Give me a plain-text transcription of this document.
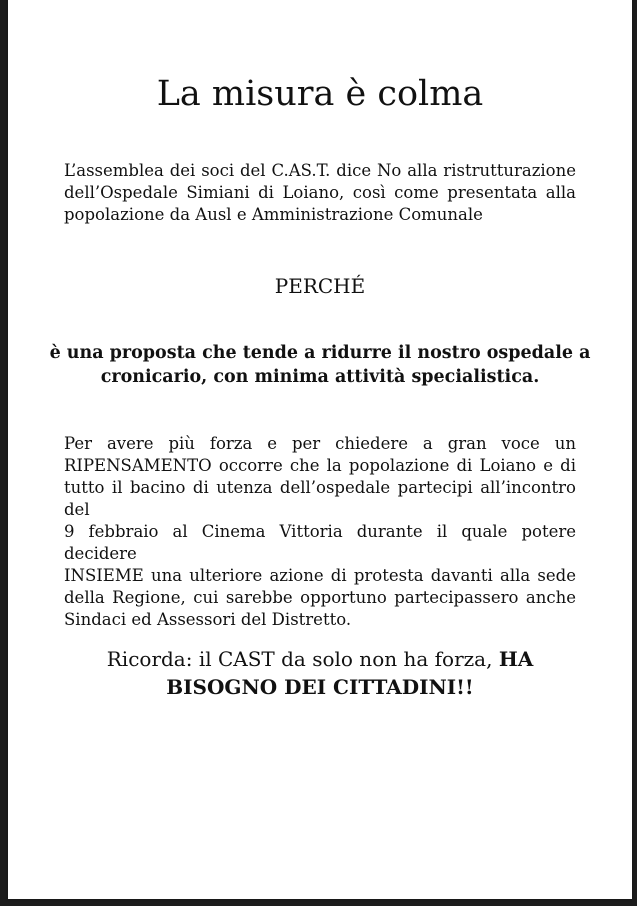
La misura è colma

L’assemblea dei soci del C.AS.T. dice No alla ristrutturazione
dell’Ospedale Simiani di Loiano, così come presentata alla
popolazione da Ausl e Amministrazione Comunale

PERCHÉ

è una proposta che tende a ridurre il nostro ospedale a
cronicario, con minima attività specialistica.

Per avere più forza e per chiedere a gran voce un
RIPENSAMENTO occorre che la popolazione di Loiano e di
tutto il bacino di utenza dell’ospedale partecipi all’incontro del
9 febbraio al Cinema Vittoria durante il quale potere decidere
INSIEME una ulteriore azione di protesta davanti alla sede
della Regione, cui sarebbe opportuno partecipassero anche
Sindaci ed Assessori del Distretto.

Ricorda: il CAST da solo non ha forza, HA
BISOGNO DEI CITTADINI!!
